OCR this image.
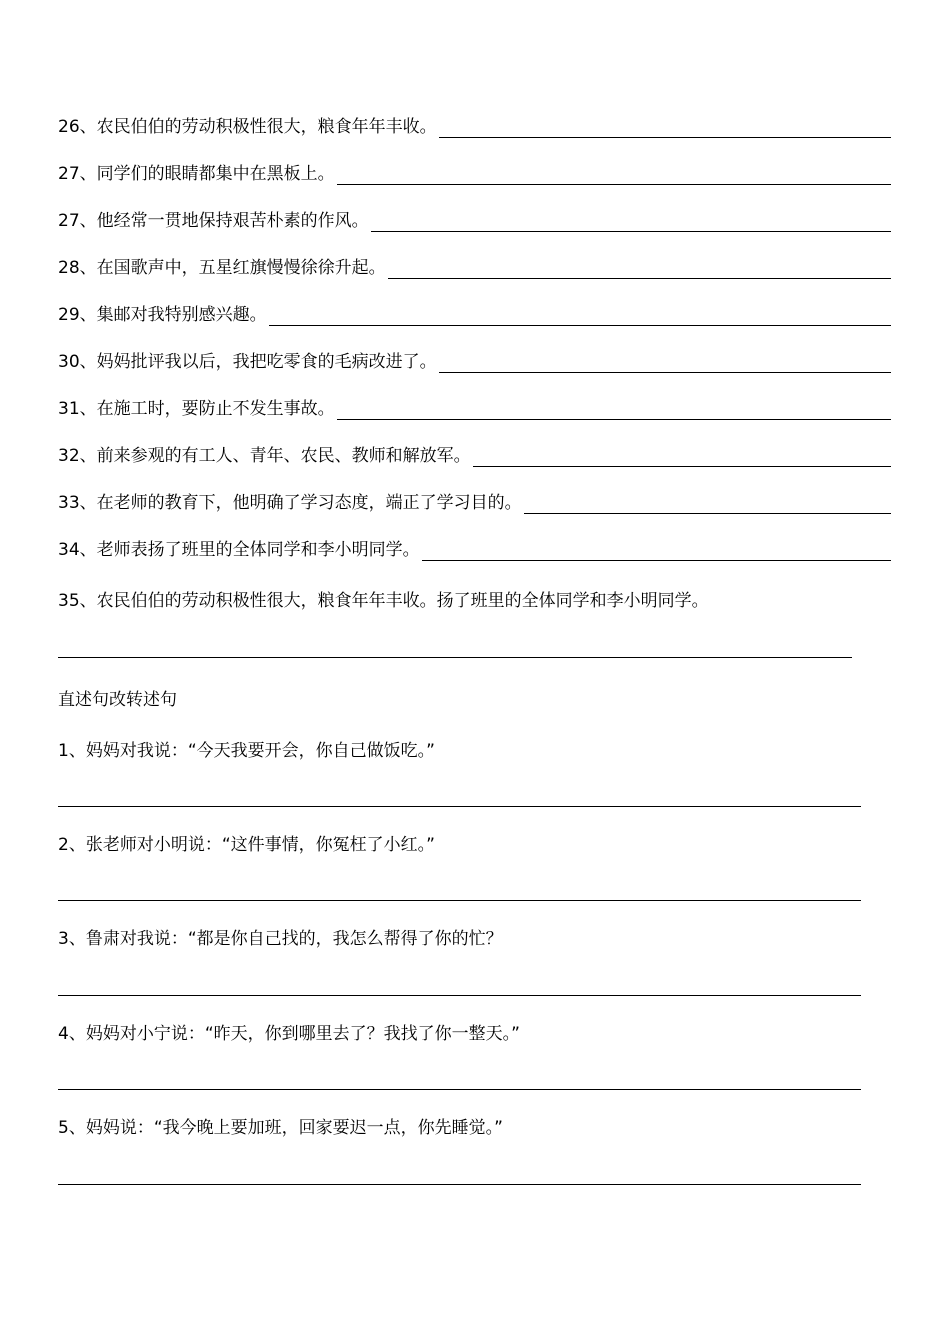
26、农民伯伯的劳动积极性很大，粮食年年丰收。
27、同学们的眼睛都集中在黑板上。
27、他经常一贯地保持艰苦朴素的作风。
28、在国歌声中，五星红旗慢慢徐徐升起。
29、集邮对我特别感兴趣。
30、妈妈批评我以后，我把吃零食的毛病改进了。
31、在施工时，要防止不发生事故。
32、前来参观的有工人、青年、农民、教师和解放军。
33、在老师的教育下，他明确了学习态度，端正了学习目的。
34、老师表扬了班里的全体同学和李小明同学。
35、农民伯伯的劳动积极性很大，粮食年年丰收。扬了班里的全体同学和李小明同学。
直述句改转述句
1、妈妈对我说：“今天我要开会，你自己做饭吃。”
2、张老师对小明说：“这件事情，你冤枉了小红。”
3、鲁肃对我说：“都是你自己找的，我怎么帮得了你的忙？
4、妈妈对小宁说：“昨天，你到哪里去了？我找了你一整天。”
5、妈妈说：“我今晚上要加班，回家要迟一点，你先睡觉。”
